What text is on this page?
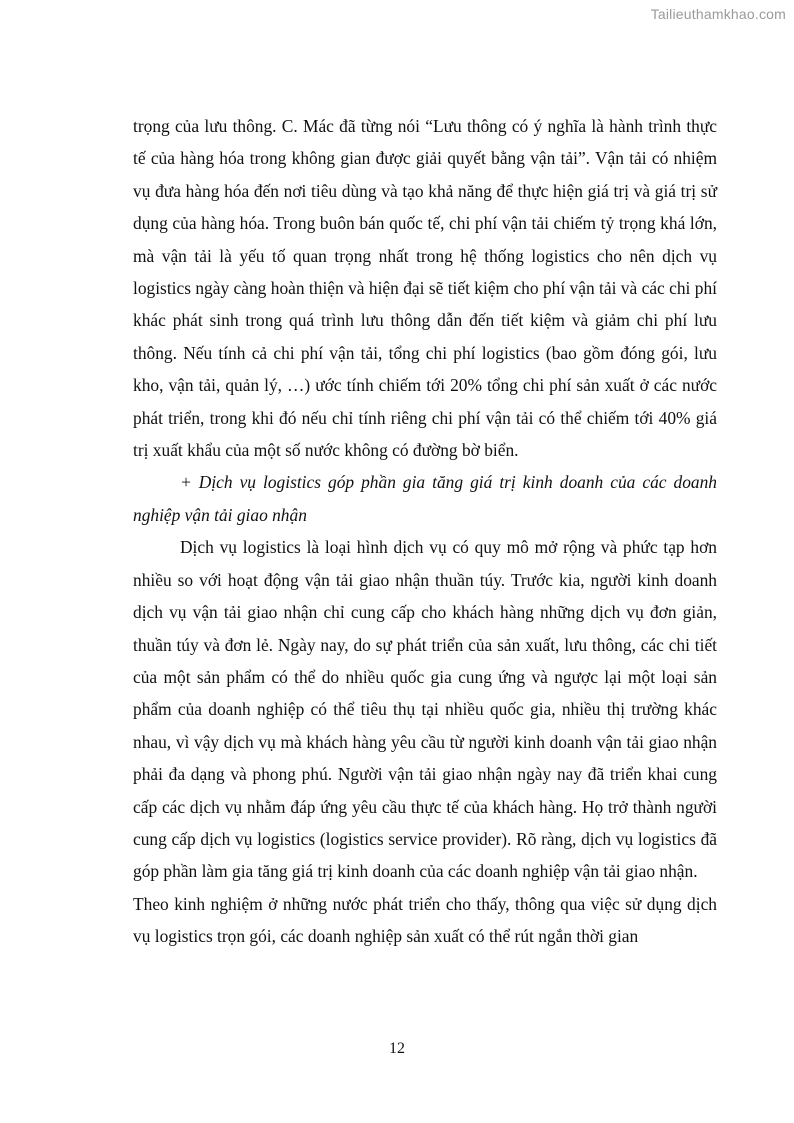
Tailieuthamkhao.com

trọng của lưu thông. C. Mác đã từng nói “Lưu thông có ý nghĩa là hành trình thực tế của hàng hóa trong không gian được giải quyết bằng vận tải”. Vận tải có nhiệm vụ đưa hàng hóa đến nơi tiêu dùng và tạo khả năng để thực hiện giá trị và giá trị sử dụng của hàng hóa. Trong buôn bán quốc tế, chi phí vận tải chiếm tỷ trọng khá lớn, mà vận tải là yếu tố quan trọng nhất trong hệ thống logistics cho nên dịch vụ logistics ngày càng hoàn thiện và hiện đại sẽ tiết kiệm cho phí vận tải và các chi phí khác phát sinh trong quá trình lưu thông dẫn đến tiết kiệm và giảm chi phí lưu thông. Nếu tính cả chi phí vận tải, tổng chi phí logistics (bao gồm đóng gói, lưu kho, vận tải, quản lý, …) ước tính chiếm tới 20% tổng chi phí sản xuất ở các nước phát triển, trong khi đó nếu chỉ tính riêng chi phí vận tải có thể chiếm tới 40% giá trị xuất khẩu của một số nước không có đường bờ biển.

+ Dịch vụ logistics góp phần gia tăng giá trị kinh doanh của các doanh nghiệp vận tải giao nhận

Dịch vụ logistics là loại hình dịch vụ có quy mô mở rộng và phức tạp hơn nhiều so với hoạt động vận tải giao nhận thuần túy. Trước kia, người kinh doanh dịch vụ vận tải giao nhận chỉ cung cấp cho khách hàng những dịch vụ đơn giản, thuần túy và đơn lẻ. Ngày nay, do sự phát triển của sản xuất, lưu thông, các chi tiết của một sản phẩm có thể do nhiều quốc gia cung ứng và ngược lại một loại sản phẩm của doanh nghiệp có thể tiêu thụ tại nhiều quốc gia, nhiều thị trường khác nhau, vì vậy dịch vụ mà khách hàng yêu cầu từ người kinh doanh vận tải giao nhận phải đa dạng và phong phú. Người vận tải giao nhận ngày nay đã triển khai cung cấp các dịch vụ nhằm đáp ứng yêu cầu thực tế của khách hàng. Họ trở thành người cung cấp dịch vụ logistics (logistics service provider). Rõ ràng, dịch vụ logistics đã góp phần làm gia tăng giá trị kinh doanh của các doanh nghiệp vận tải giao nhận.

Theo kinh nghiệm ở những nước phát triển cho thấy, thông qua việc sử dụng dịch vụ logistics trọn gói, các doanh nghiệp sản xuất có thể rút ngắn thời gian

12
